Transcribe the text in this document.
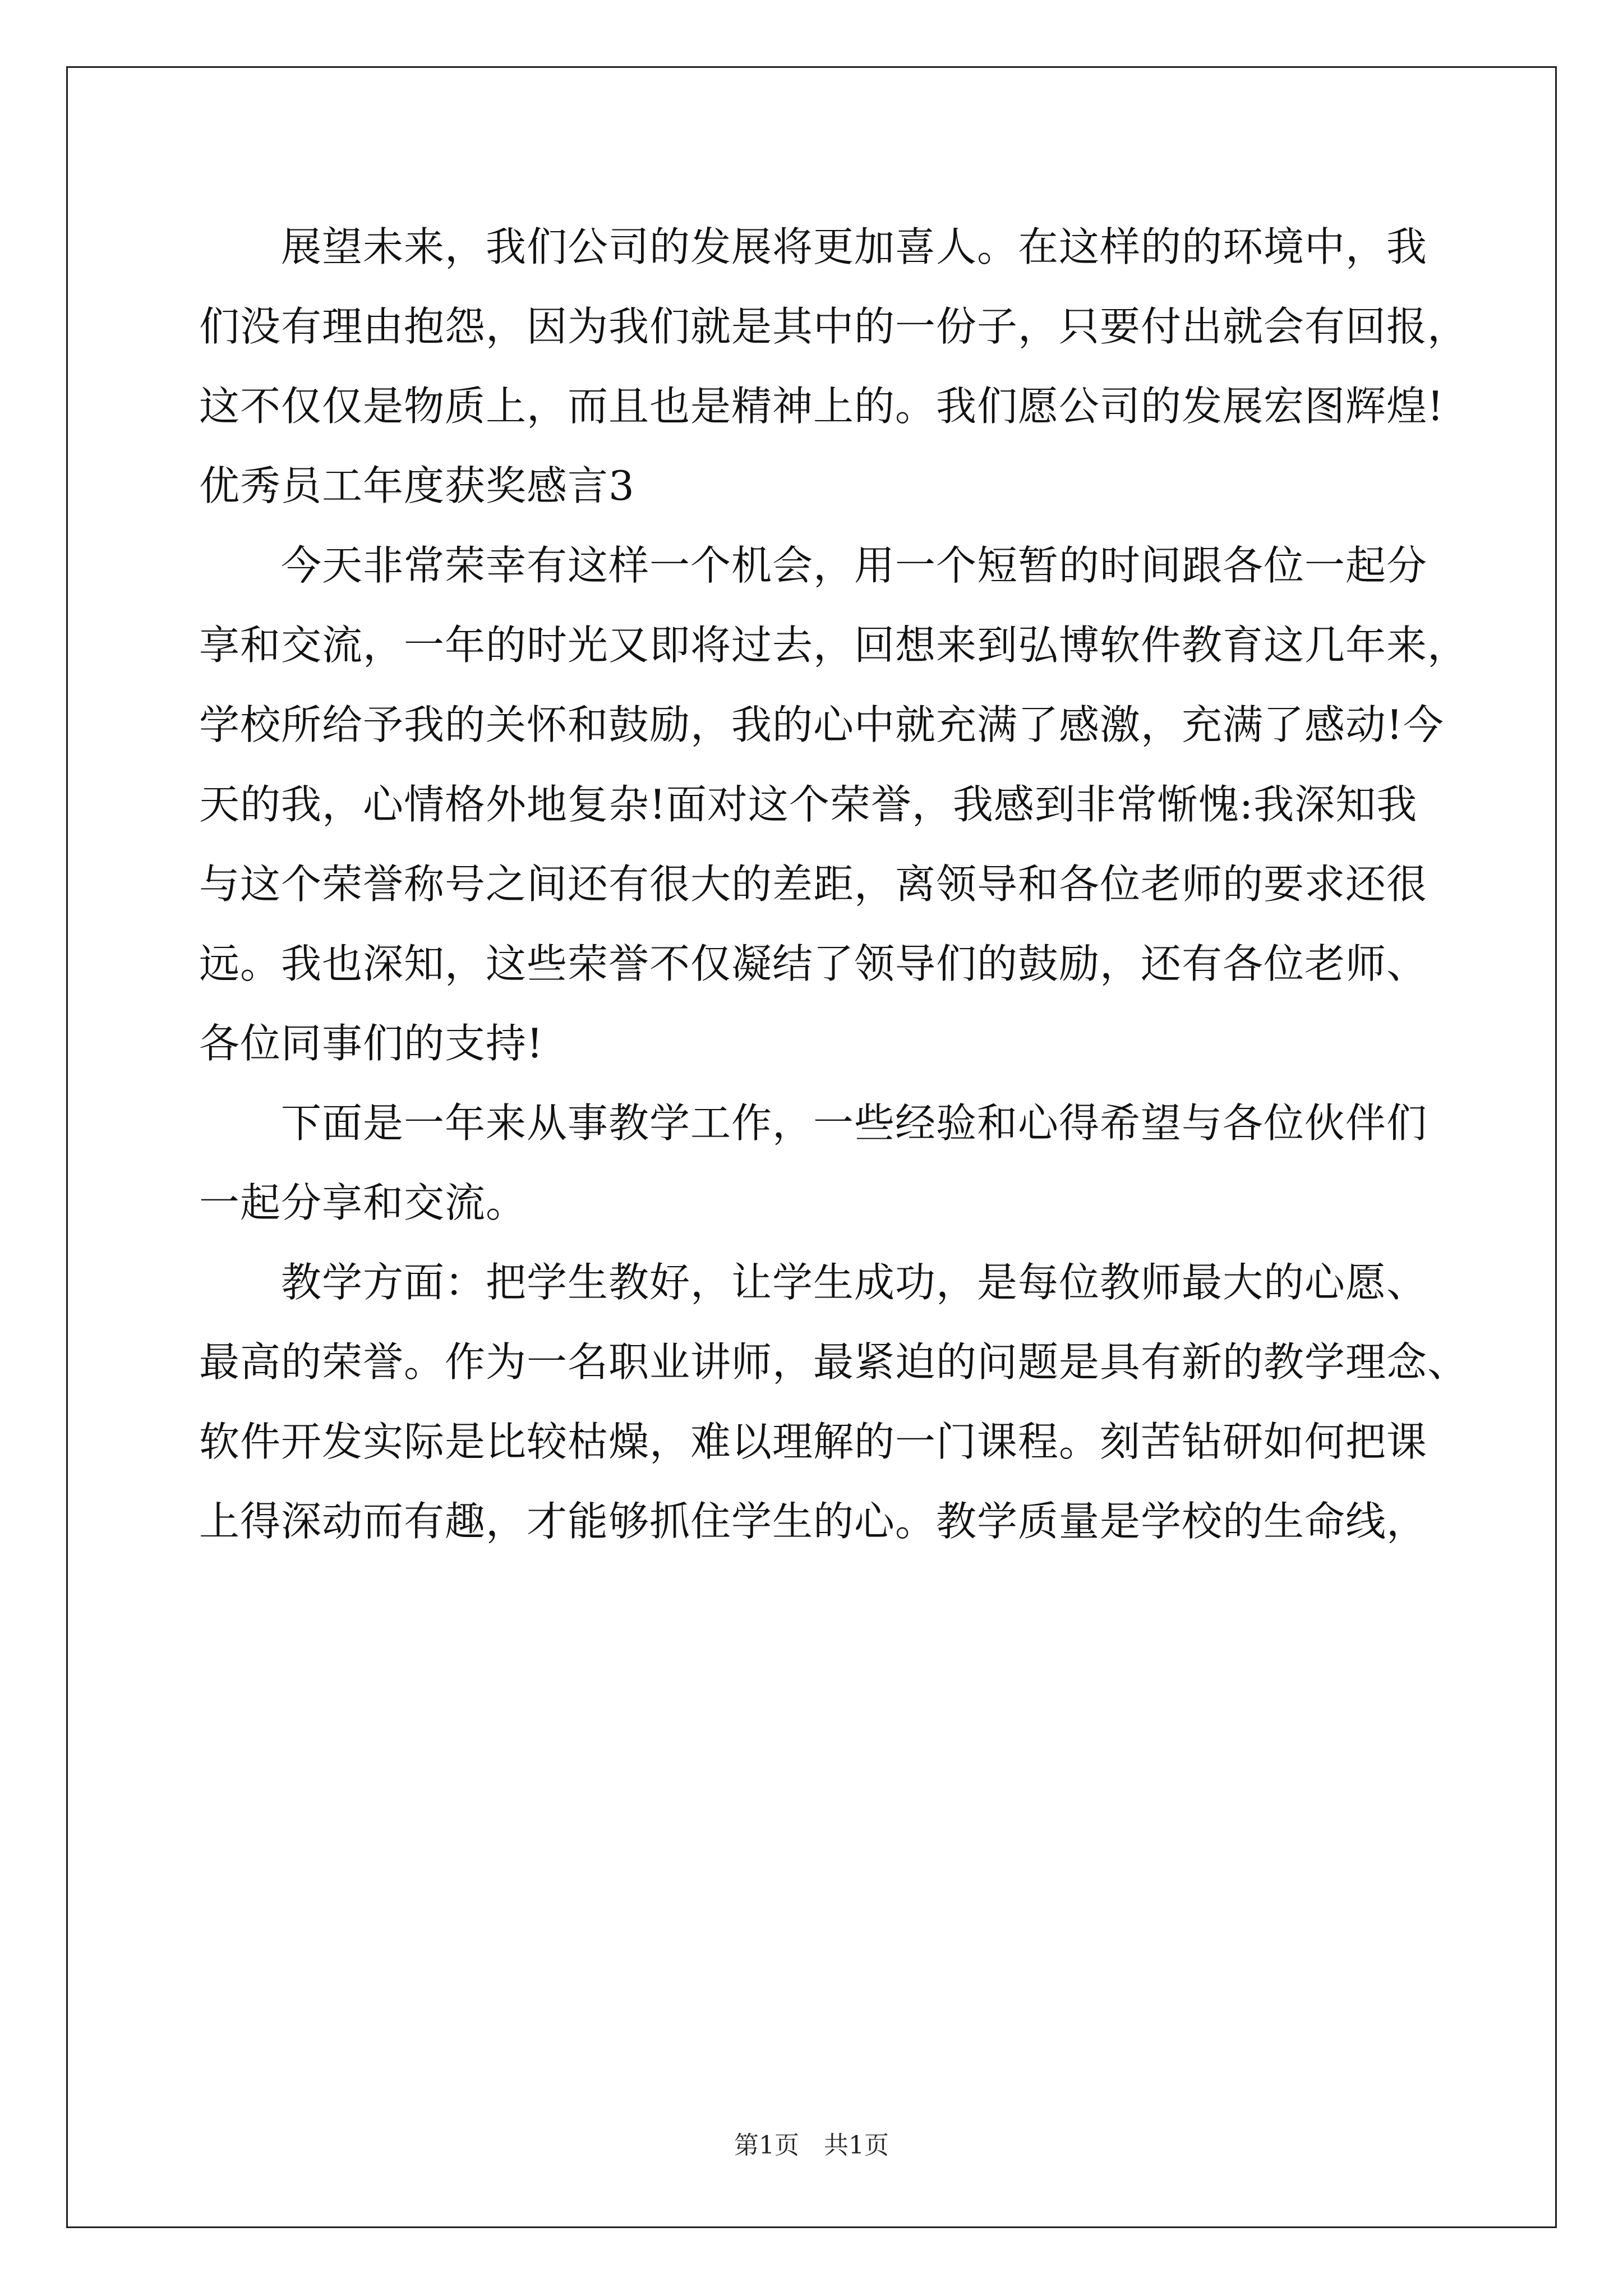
　　展望未来，我们公司的发展将更加喜人。在这样的的环境中，我
们没有理由抱怨，因为我们就是其中的一份子，只要付出就会有回报，
这不仅仅是物质上，而且也是精神上的。我们愿公司的发展宏图辉煌!
优秀员工年度获奖感言3
　　今天非常荣幸有这样一个机会，用一个短暂的时间跟各位一起分
享和交流，一年的时光又即将过去，回想来到弘博软件教育这几年来，
学校所给予我的关怀和鼓励，我的心中就充满了感激，充满了感动!今
天的我，心情格外地复杂!面对这个荣誉，我感到非常惭愧:我深知我
与这个荣誉称号之间还有很大的差距，离领导和各位老师的要求还很
远。我也深知，这些荣誉不仅凝结了领导们的鼓励，还有各位老师、
各位同事们的支持!
　　下面是一年来从事教学工作，一些经验和心得希望与各位伙伴们
一起分享和交流。
　　教学方面：把学生教好，让学生成功，是每位教师最大的心愿、
最高的荣誉。作为一名职业讲师，最紧迫的问题是具有新的教学理念、
软件开发实际是比较枯燥，难以理解的一门课程。刻苦钻研如何把课
上得深动而有趣，才能够抓住学生的心。教学质量是学校的生命线，
第1页　共1页
